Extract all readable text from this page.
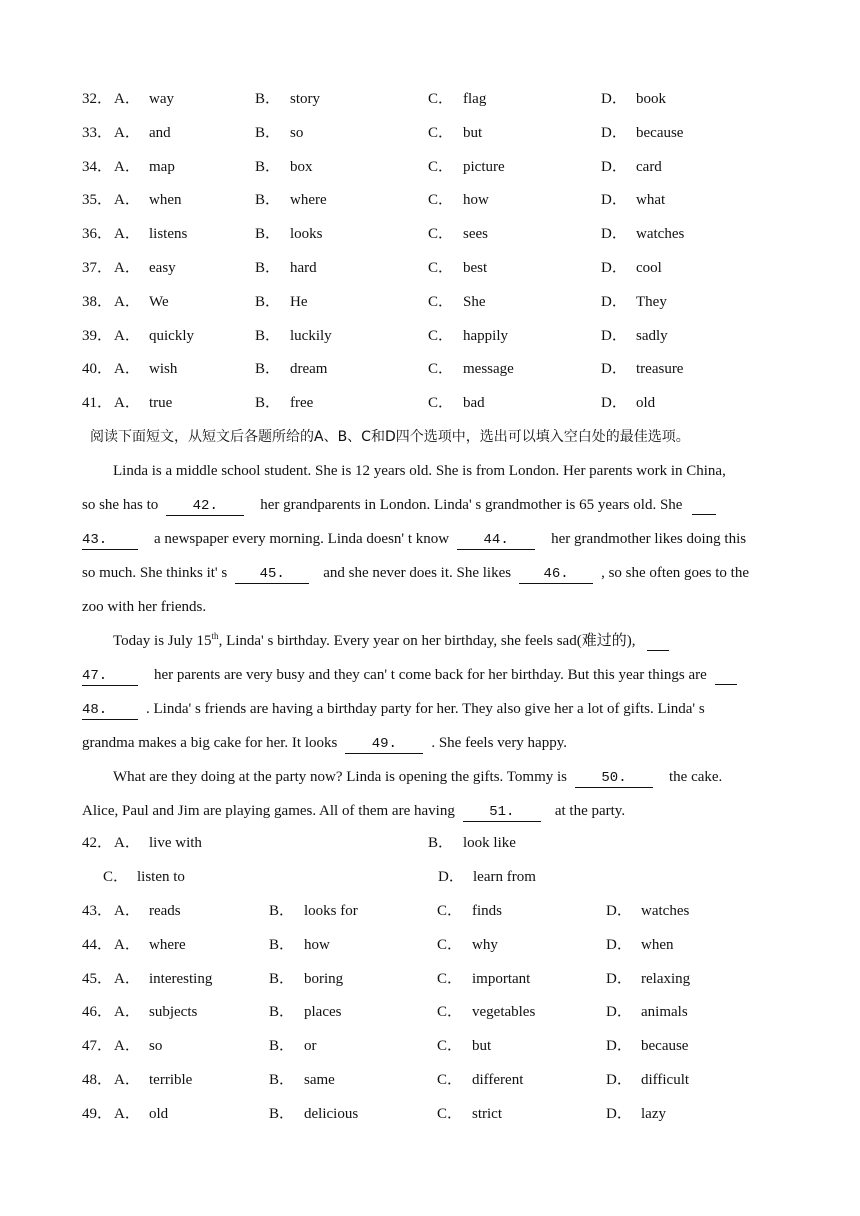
32． A． way	B． story	C． flag	D． book
33． A． and	B． so	C． but	D． because
34． A． map	B． box	C． picture	D． card
35． A． when	B． where	C． how	D． what
36． A． listens	B． looks	C． sees	D． watches
37． A． easy	B． hard	C． best	D． cool
38． A． We	B． He	C． She	D． They
39． A． quickly	B． luckily	C． happily	D． sadly
40． A． wish	B． dream	C． message	D． treasure
41． A． true	B． free	C． bad	D． old
阅读下面短文，从短文后各题所给的A、B、C和D四个选项中，选出可以填入空白处的最佳选项。
Linda is a middle school student. She is 12 years old. She is from London. Her parents work in China,
so she has to 42.	her grandparents in London. Linda' s grandmother is 65 years old. She
43.	a newspaper every morning. Linda doesn' t know 44.	her grandmother likes doing this
so much. She thinks it' s 45.	and she never does it. She likes 46. , so she often goes to the
zoo with her friends.
Today is July 15th, Linda' s birthday. Every year on her birthday, she feels sad(难过的),
47.	her parents are very busy and they can' t come back for her birthday. But this year things are
48.	. Linda' s friends are having a birthday party for her. They also give her a lot of gifts. Linda' s
grandma makes a big cake for her. It looks 49. . She feels very happy.
What are they doing at the party now? Linda is opening the gifts. Tommy is 50.	the cake.
Alice, Paul and Jim are playing games. All of them are having 51.	at the party.
42． A． live with	B． look like
C． listen to	D． learn from
43． A． reads	B． looks for	C． finds	D． watches
44． A． where	B． how	C． why	D． when
45． A． interesting	B． boring	C． important	D． relaxing
46． A． subjects	B． places	C． vegetables	D． animals
47． A． so	B． or	C． but	D． because
48． A． terrible	B． same	C． different	D． difficult
49． A． old	B． delicious	C． strict	D． lazy
